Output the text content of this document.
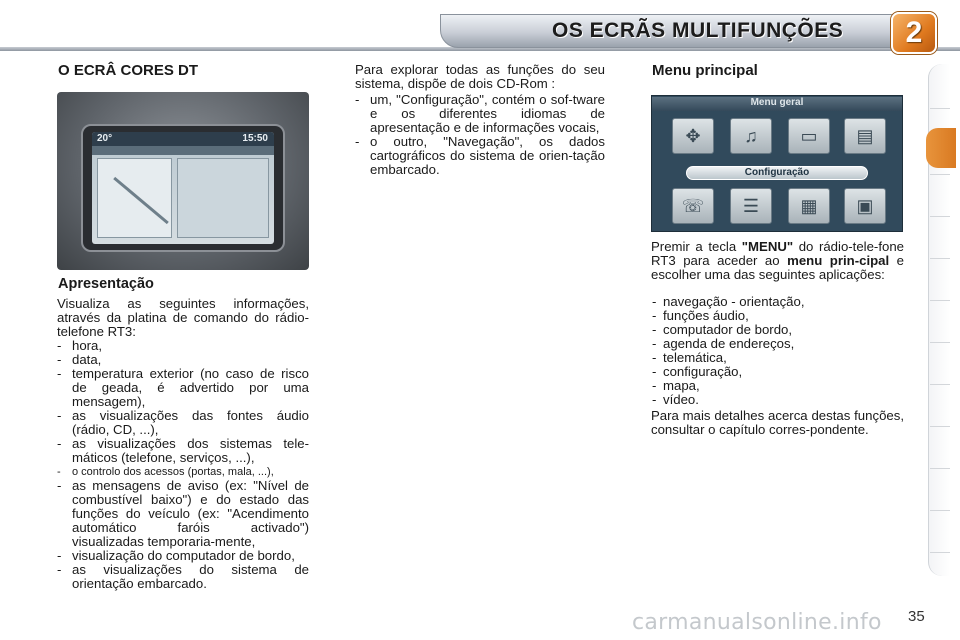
OS ECRÃS MULTIFUNÇÕES	2
O ECRÂ CORES DT
20°	15:50
Apresentação
Visualiza as seguintes informações, através da platina de comando do rádio-telefone RT3:
- hora,
- data,
- temperatura exterior (no caso de risco de geada, é advertido por uma mensagem),
- as visualizações das fontes áudio (rádio, CD, ...),
- as visualizações dos sistemas tele-máticos (telefone, serviços, ...),
- o controlo dos acessos (portas, mala, ...),
- as mensagens de aviso (ex: "Nível de combustível baixo") e do estado das funções do veículo (ex: "Acendimento automático faróis activado") visualizadas temporaria-mente,
- visualização do computador de bordo,
- as visualizações do sistema de orientação embarcado.
Para explorar todas as funções do seu sistema, dispõe de dois CD-Rom :
- um, "Configuração", contém o sof-tware e os diferentes idiomas de apresentação e de informações vocais,
- o outro, "Navegação", os dados cartográficos do sistema de orien-tação embarcado.
Menu principal
Menu geral
✥	♫	▭	▤
Configuração
☏	☰	▦	▣
Premir a tecla "MENU" do rádio-tele-fone RT3 para aceder ao menu prin-cipal e escolher uma das seguintes aplicações:
- navegação - orientação,
- funções áudio,
- computador de bordo,
- agenda de endereços,
- telemática,
- configuração,
- mapa,
- vídeo.
Para mais detalhes acerca destas funções, consultar o capítulo corres-pondente.
carmanualsonline.info 35
